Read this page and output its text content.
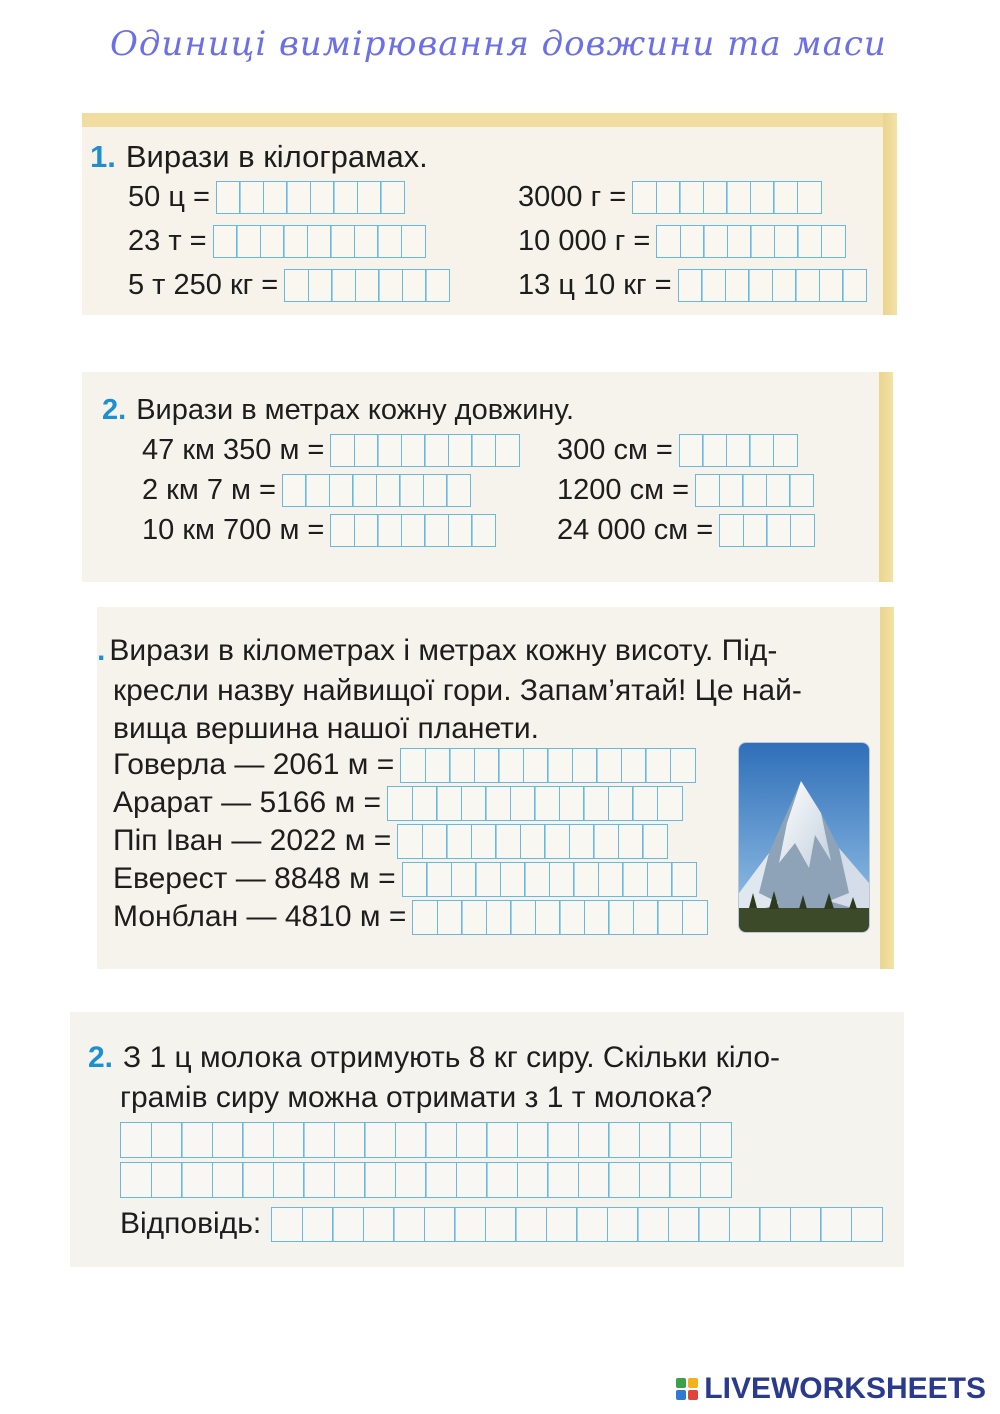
Одиниці вимірювання довжини та маси
1. Вирази в кілограмах.
50 ц =
23 т =
5 т 250 кг =
3000 г =
10 000 г =
13 ц 10 кг =
2. Вирази в метрах кожну довжину.
47 км 350 м =
2 км 7 м =
10 км 700 м =
300 см =
1200 см =
24 000 см =
. Вирази в кілометрах і метрах кожну висоту. Під-
кресли назву найвищої гори. Запам’ятай! Це най-
вища вершина нашої планети.
Говерла — 2061 м =
Арарат — 5166 м =
Піп Іван — 2022 м =
Еверест — 8848 м =
Монблан — 4810 м =
2. З 1 ц молока отримують 8 кг сиру. Скільки кіло-
грамів сиру можна отримати з 1 т молока?
Відповідь:
LIVEWORKSHEETS
